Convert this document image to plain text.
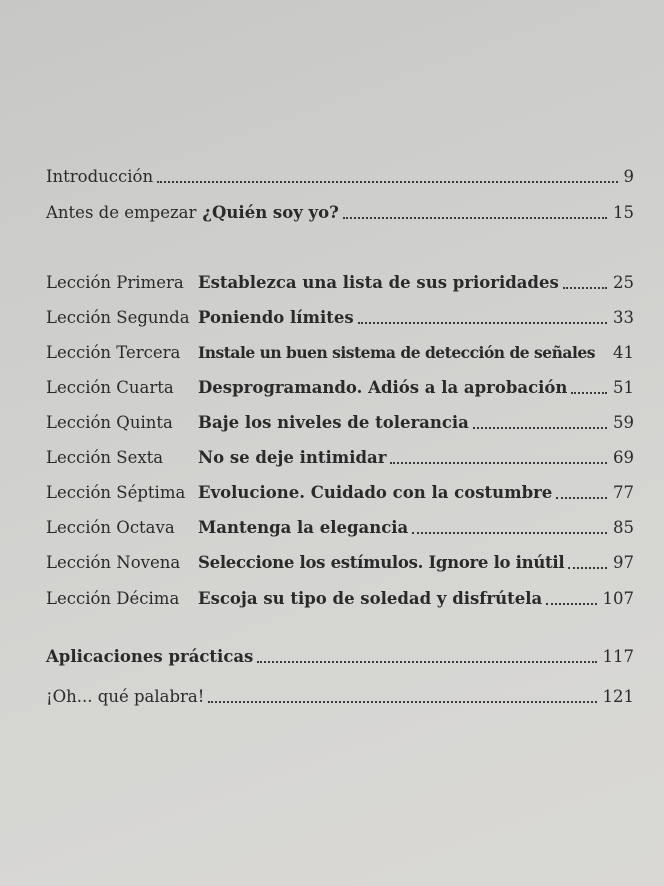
Introducción	9
Antes de empezar ¿Quién soy yo?	15
Lección Primera Establezca una lista de sus prioridades	25
Lección Segunda Poniendo límites	33
Lección Tercera	Instale un buen sistema de detección de señales 41
Lección Cuarta	Desprogramando. Adiós a la aprobación	51
Lección Quinta	Baje los niveles de tolerancia	59
Lección Sexta	No se deje intimidar	69
Lección Séptima Evolucione. Cuidado con la costumbre	77
Lección Octava	Mantenga la elegancia	85
Lección Novena	Seleccione los estímulos. Ignore lo inútil	97
Lección Décima	Escoja su tipo de soledad y disfrútela	107
Aplicaciones prácticas	117
¡Oh... qué palabra!	121
